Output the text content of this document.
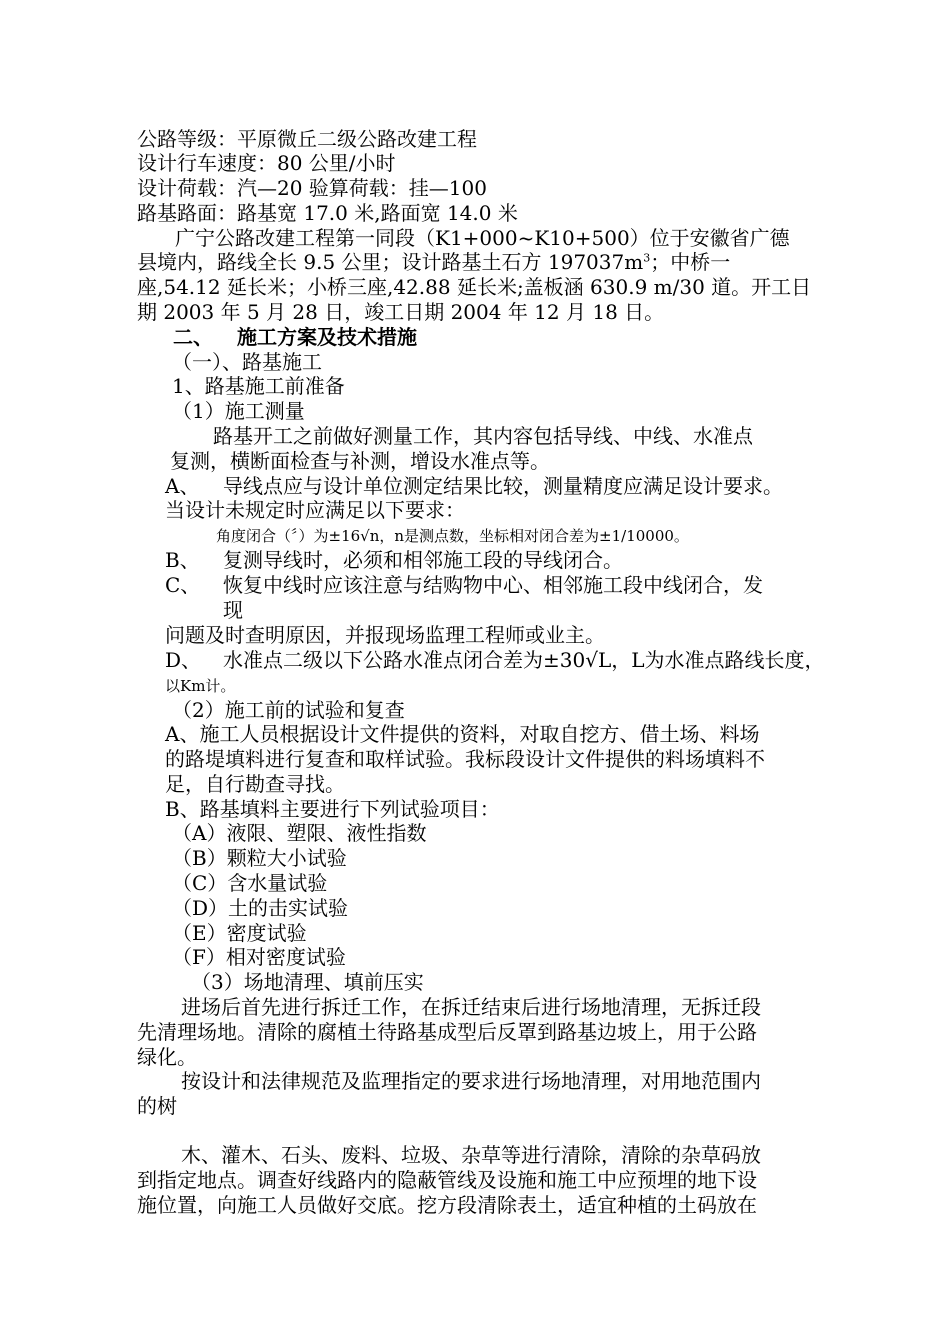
公路等级：平原微丘二级公路改建工程
设计行车速度：80 公里/小时
设计荷载：汽—20 验算荷载：挂—100
路基路面：路基宽 17.0 米,路面宽 14.0 米
广宁公路改建工程第一同段（K1+000~K10+500）位于安徽省广德
县境内，路线全长 9.5 公里；设计路基土石方 $197037m^3$；中桥一
座,54.12 延长米；小桥三座,42.88 延长米;盖板涵 630.9 m/30 道。开工日
期 2003 年 5 月 28 日，竣工日期 2004 年 12 月 18 日。
二、 施工方案及技术措施
（一）、路基施工
1、路基施工前准备
（1）施工测量
路基开工之前做好测量工作，其内容包括导线、中线、水准点
复测，横断面检查与补测，增设水准点等。
A、 导线点应与设计单位测定结果比较，测量精度应满足设计要求。
当设计未规定时应满足以下要求：
角度闭合（〞）为±16√n，n是测点数，坐标相对闭合差为±1/10000。
B、 复测导线时，必须和相邻施工段的导线闭合。
C、 恢复中线时应该注意与结购物中心、相邻施工段中线闭合，发
现
问题及时查明原因，并报现场监理工程师或业主。
D、 水准点二级以下公路水准点闭合差为±30√L，L为水准点路线长度，
以Km计。
（2）施工前的试验和复查
A、施工人员根据设计文件提供的资料，对取自挖方、借土场、料场
的路堤填料进行复查和取样试验。我标段设计文件提供的料场填料不
足，自行勘查寻找。
B、路基填料主要进行下列试验项目：
（A）液限、塑限、液性指数
（B）颗粒大小试验
（C）含水量试验
（D）土的击实试验
（E）密度试验
（F）相对密度试验
（3）场地清理、填前压实
进场后首先进行拆迁工作，在拆迁结束后进行场地清理，无拆迁段
先清理场地。清除的腐植土待路基成型后反罩到路基边坡上，用于公路
绿化。
按设计和法律规范及监理指定的要求进行场地清理，对用地范围内
的树
木、灌木、石头、废料、垃圾、杂草等进行清除，清除的杂草码放
到指定地点。调查好线路内的隐蔽管线及设施和施工中应预埋的地下设
施位置，向施工人员做好交底。挖方段清除表土，适宜种植的土码放在
